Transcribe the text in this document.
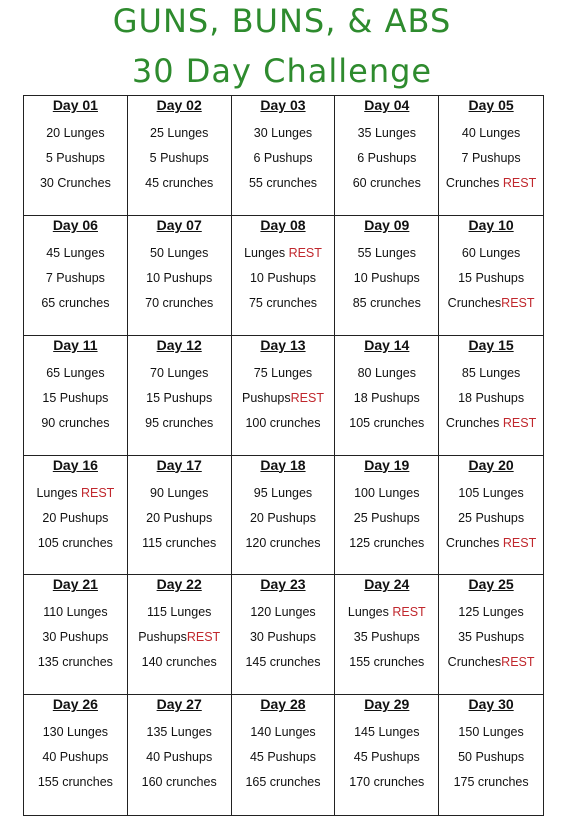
GUNS, BUNS, & ABS
30 Day Challenge
Day 01
20 Lunges
5 Pushups
30 Crunches
Day 02
25 Lunges
5 Pushups
45 crunches
Day 03
30 Lunges
6 Pushups
55 crunches
Day 04
35 Lunges
6 Pushups
60 crunches
Day 05
40 Lunges
7 Pushups
Crunches REST
Day 06
45 Lunges
7 Pushups
65 crunches
Day 07
50 Lunges
10 Pushups
70 crunches
Day 08
Lunges REST
10 Pushups
75 crunches
Day 09
55 Lunges
10 Pushups
85 crunches
Day 10
60 Lunges
15 Pushups
CrunchesREST
Day 11
65 Lunges
15 Pushups
90 crunches
Day 12
70 Lunges
15 Pushups
95 crunches
Day 13
75 Lunges
PushupsREST
100 crunches
Day 14
80 Lunges
18 Pushups
105 crunches
Day 15
85 Lunges
18 Pushups
Crunches REST
Day 16
Lunges REST
20 Pushups
105 crunches
Day 17
90 Lunges
20 Pushups
115 crunches
Day 18
95 Lunges
20 Pushups
120 crunches
Day 19
100 Lunges
25 Pushups
125 crunches
Day 20
105 Lunges
25 Pushups
Crunches REST
Day 21
110 Lunges
30 Pushups
135 crunches
Day 22
115 Lunges
PushupsREST
140 crunches
Day 23
120 Lunges
30 Pushups
145 crunches
Day 24
Lunges REST
35 Pushups
155 crunches
Day 25
125 Lunges
35 Pushups
CrunchesREST
Day 26
130 Lunges
40 Pushups
155 crunches
Day 27
135 Lunges
40 Pushups
160 crunches
Day 28
140 Lunges
45 Pushups
165 crunches
Day 29
145 Lunges
45 Pushups
170 crunches
Day 30
150 Lunges
50 Pushups
175 crunches
